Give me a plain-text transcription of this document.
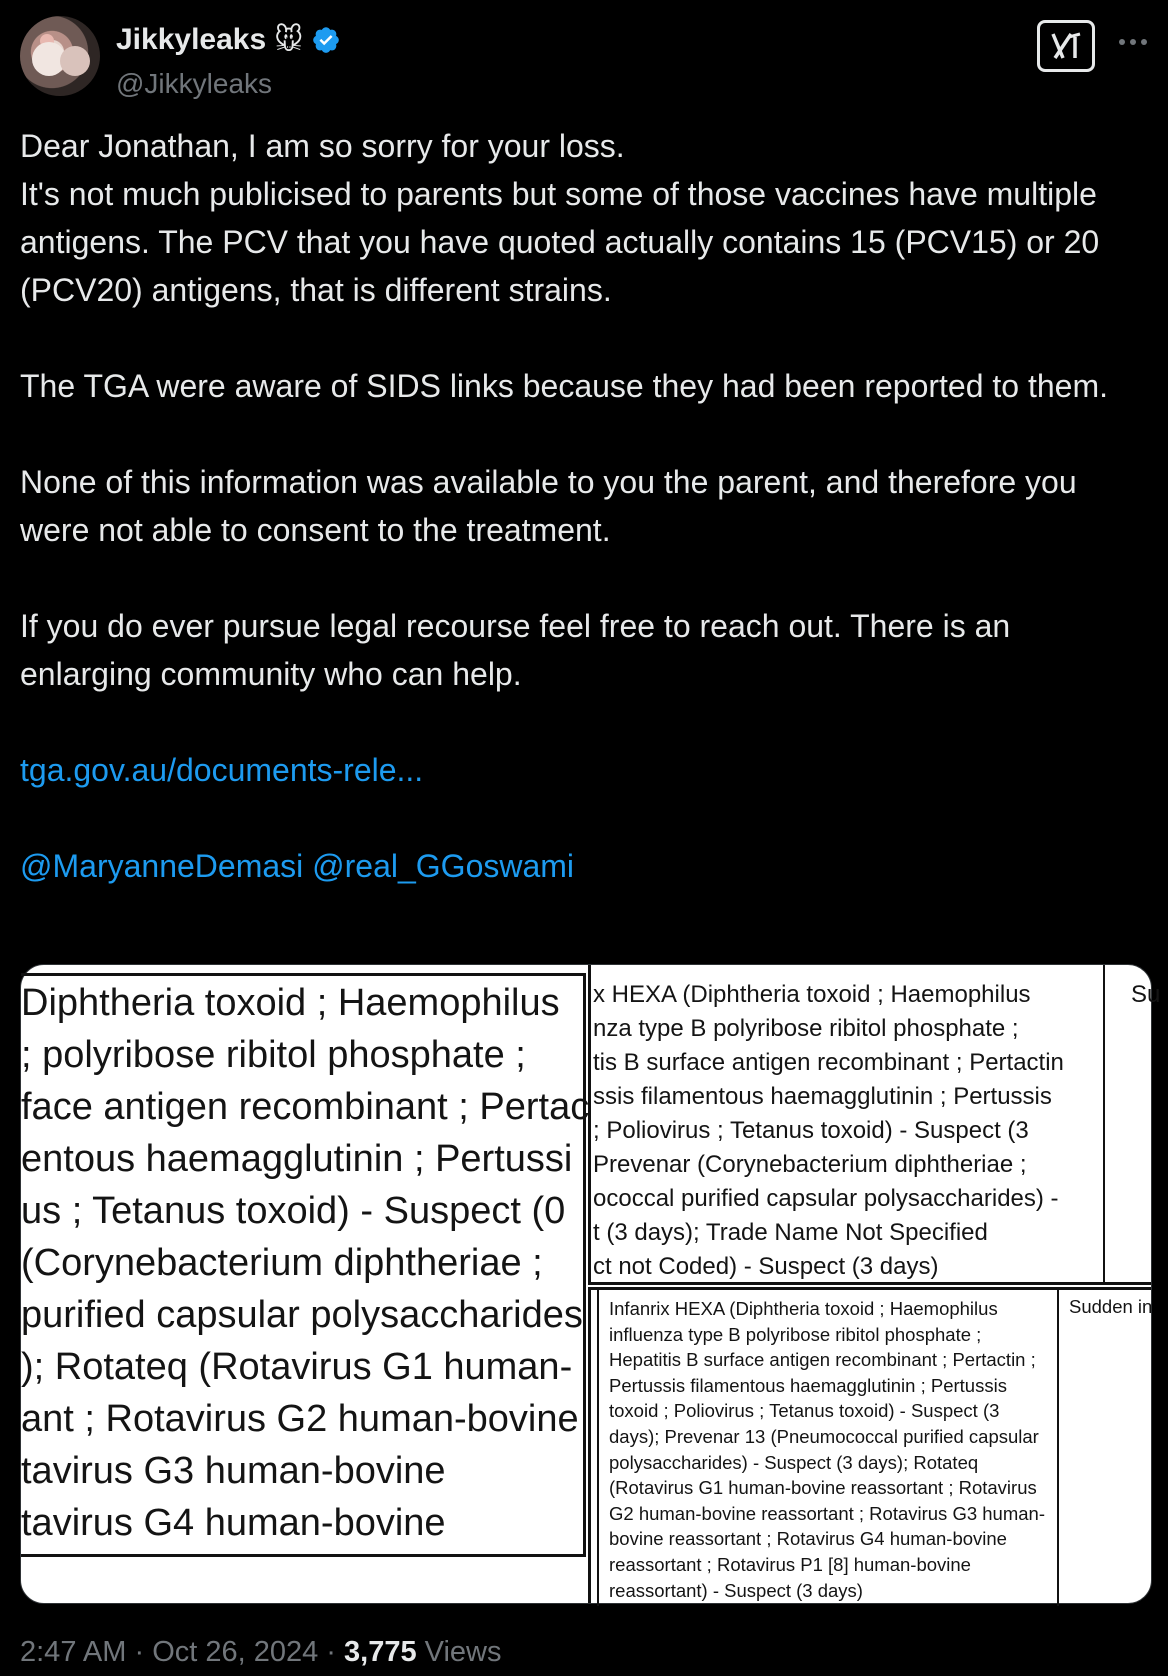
Jikkyleaks 🐭
@Jikkyleaks

Dear Jonathan, I am so sorry for your loss.

It's not much publicised to parents but some of those vaccines have multiple antigens. The PCV that you have quoted actually contains 15 (PCV15) or 20 (PCV20) antigens, that is different strains.

The TGA were aware of SIDS links because they had been reported to them.

None of this information was available to you the parent, and therefore you were not able to consent to the treatment.

If you do ever pursue legal recourse feel free to reach out. There is an enlarging community who can help.

tga.gov.au/documents-rele...

@MaryanneDemasi @real_GGoswami

Diphtheria toxoid ; Haemophilus
; polyribose ribitol phosphate ;
face antigen recombinant ; Pertac
entous haemagglutinin ; Pertussi
us ; Tetanus toxoid) - Suspect (0
(Corynebacterium diphtheriae ;
purified capsular polysaccharides
); Rotateq (Rotavirus G1 human-
ant ; Rotavirus G2 human-bovine
tavirus G3 human-bovine
tavirus G4 human-bovine
x HEXA (Diphtheria toxoid ; Haemophilus
nza type B polyribose ribitol phosphate ;
tis B surface antigen recombinant ; Pertactin
ssis filamentous haemagglutinin ; Pertussis
; Poliovirus ; Tetanus toxoid) - Suspect (3
Prevenar (Corynebacterium diphtheriae ;
ococcal purified capsular polysaccharides) -
t (3 days); Trade Name Not Specified
ct not Coded) - Suspect (3 days)
Su
Infanrix HEXA (Diphtheria toxoid ; Haemophilus influenza type B polyribose ribitol phosphate ; Hepatitis B surface antigen recombinant ; Pertactin ; Pertussis filamentous haemagglutinin ; Pertussis toxoid ; Poliovirus ; Tetanus toxoid) - Suspect (3 days); Prevenar 13 (Pneumococcal purified capsular polysaccharides) - Suspect (3 days); Rotateq (Rotavirus G1 human-bovine reassortant ; Rotavirus G2 human-bovine reassortant ; Rotavirus G3 human-bovine reassortant ; Rotavirus G4 human-bovine reassortant ; Rotavirus P1 [8] human-bovine reassortant) - Suspect (3 days)
Sudden in
2:47 AM · Oct 26, 2024 · 3,775 Views
